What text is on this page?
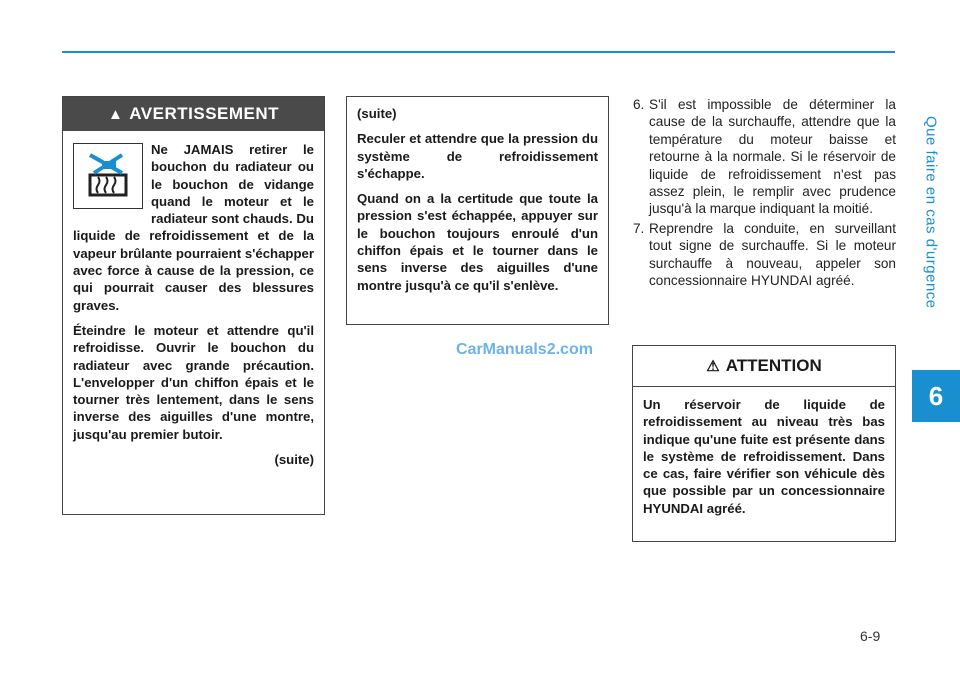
Que faire en cas d'urgence
6
6-9
▲ AVERTISSEMENT

Ne JAMAIS retirer le bouchon du radiateur ou le bouchon de vidange quand le moteur et le radiateur sont chauds. Du liquide de refroidissement et de la vapeur brûlante pourraient s'échapper avec force à cause de la pression, ce qui pourrait causer des blessures graves.

Éteindre le moteur et attendre qu'il refroidisse. Ouvrir le bouchon du radiateur avec grande précaution. L'envelopper d'un chiffon épais et le tourner très lentement, dans le sens inverse des aiguilles d'une montre, jusqu'au premier butoir.

(suite)

(suite)

Reculer et attendre que la pression du système de refroidissement s'échappe.

Quand on a la certitude que toute la pression s'est échappée, appuyer sur le bouchon toujours enroulé d'un chiffon épais et le tourner dans le sens inverse des aiguilles d'une montre jusqu'à ce qu'il s'enlève.

CarManuals2.com
6. S'il est impossible de déterminer la cause de la surchauffe, attendre que la température du moteur baisse et retourne à la normale. Si le réservoir de liquide de refroidissement n'est pas assez plein, le remplir avec prudence jusqu'à la marque indiquant la moitié.
7. Reprendre la conduite, en surveillant tout signe de surchauffe. Si le moteur surchauffe à nouveau, appeler son concessionnaire HYUNDAI agréé.
⚠ ATTENTION
Un réservoir de liquide de refroidissement au niveau très bas indique qu'une fuite est présente dans le système de refroidissement. Dans ce cas, faire vérifier son véhicule dès que possible par un concessionnaire HYUNDAI agréé.
